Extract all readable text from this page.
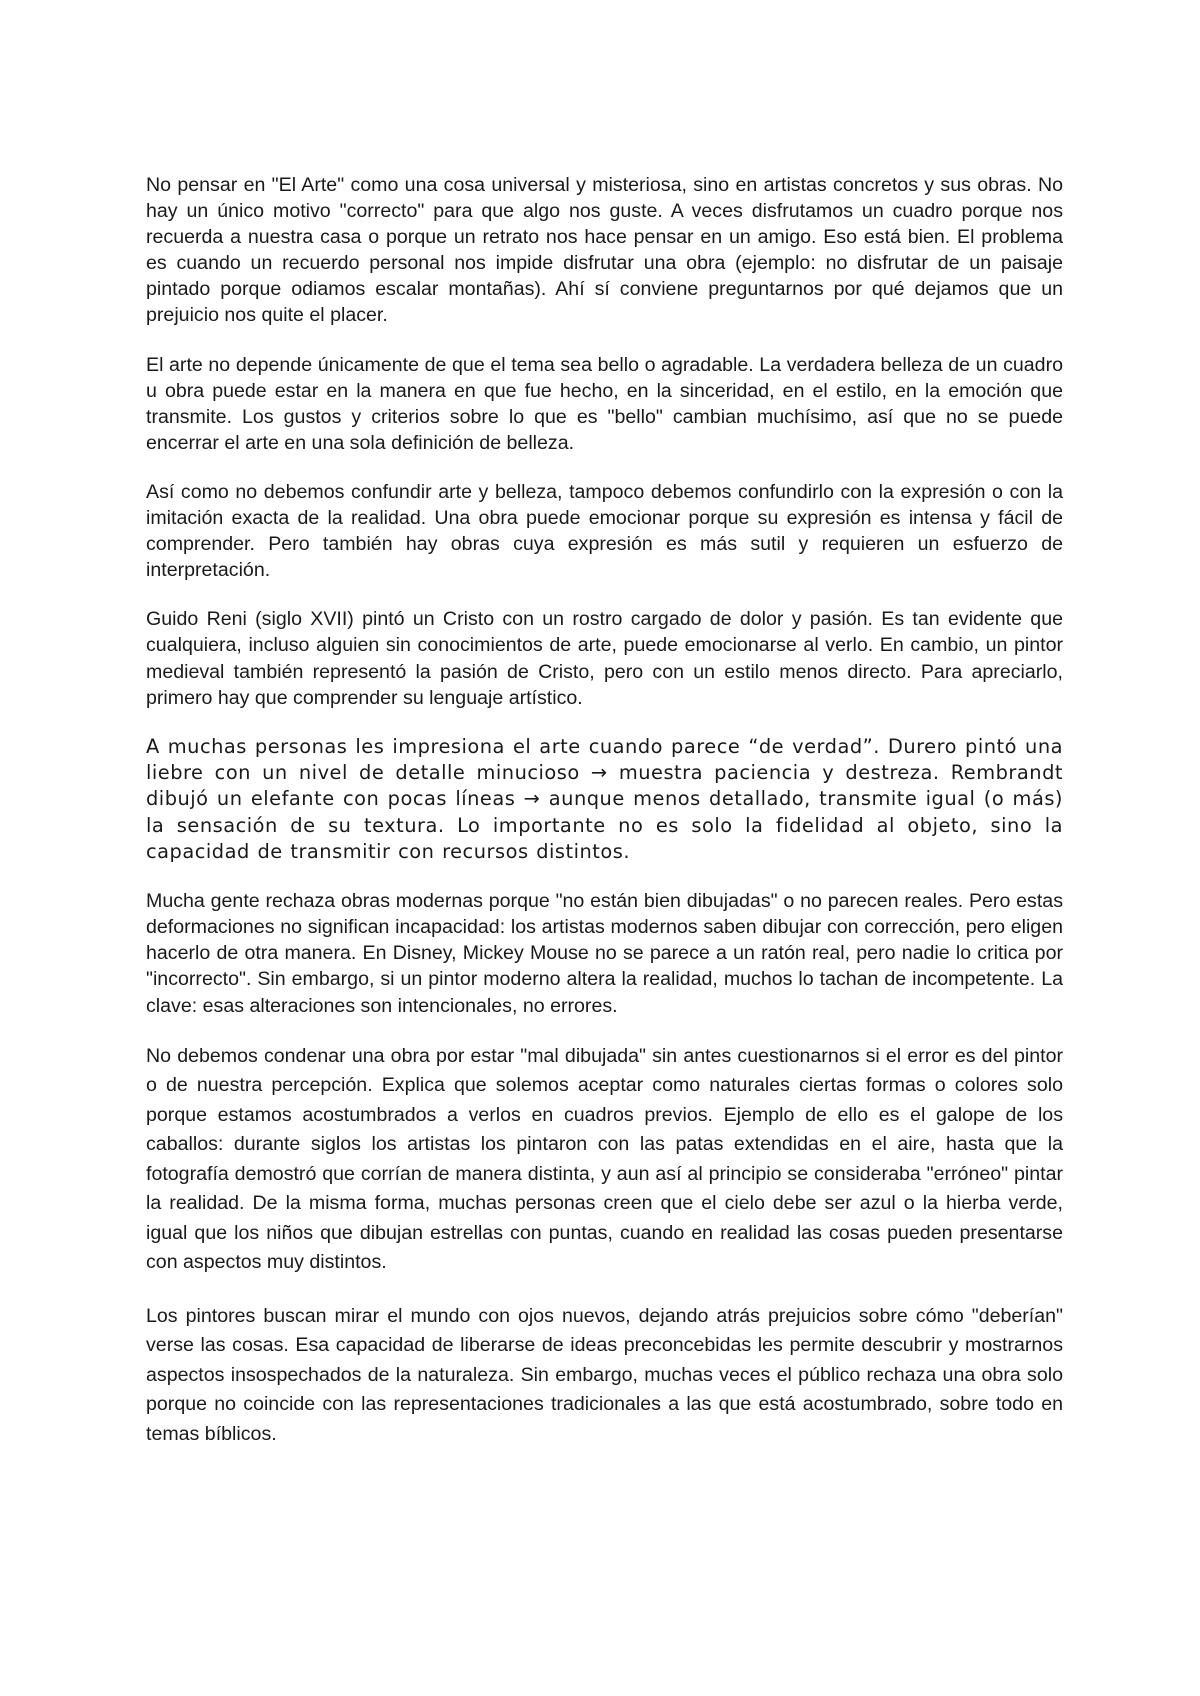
No pensar en "El Arte" como una cosa universal y misteriosa, sino en artistas concretos y sus obras. No hay un único motivo "correcto" para que algo nos guste. A veces disfrutamos un cuadro porque nos recuerda a nuestra casa o porque un retrato nos hace pensar en un amigo. Eso está bien. El problema es cuando un recuerdo personal nos impide disfrutar una obra (ejemplo: no disfrutar de un paisaje pintado porque odiamos escalar montañas). Ahí sí conviene preguntarnos por qué dejamos que un prejuicio nos quite el placer.

El arte no depende únicamente de que el tema sea bello o agradable. La verdadera belleza de un cuadro u obra puede estar en la manera en que fue hecho, en la sinceridad, en el estilo, en la emoción que transmite. Los gustos y criterios sobre lo que es "bello" cambian muchísimo, así que no se puede encerrar el arte en una sola definición de belleza.

Así como no debemos confundir arte y belleza, tampoco debemos confundirlo con la expresión o con la imitación exacta de la realidad. Una obra puede emocionar porque su expresión es intensa y fácil de comprender. Pero también hay obras cuya expresión es más sutil y requieren un esfuerzo de interpretación.

Guido Reni (siglo XVII) pintó un Cristo con un rostro cargado de dolor y pasión. Es tan evidente que cualquiera, incluso alguien sin conocimientos de arte, puede emocionarse al verlo. En cambio, un pintor medieval también representó la pasión de Cristo, pero con un estilo menos directo. Para apreciarlo, primero hay que comprender su lenguaje artístico.

A muchas personas les impresiona el arte cuando parece “de verdad”. Durero pintó una liebre con un nivel de detalle minucioso → muestra paciencia y destreza. Rembrandt dibujó un elefante con pocas líneas → aunque menos detallado, transmite igual (o más) la sensación de su textura. Lo importante no es solo la fidelidad al objeto, sino la capacidad de transmitir con recursos distintos.

Mucha gente rechaza obras modernas porque "no están bien dibujadas" o no parecen reales. Pero estas deformaciones no significan incapacidad: los artistas modernos saben dibujar con corrección, pero eligen hacerlo de otra manera. En Disney, Mickey Mouse no se parece a un ratón real, pero nadie lo critica por "incorrecto". Sin embargo, si un pintor moderno altera la realidad, muchos lo tachan de incompetente. La clave: esas alteraciones son intencionales, no errores.

No debemos condenar una obra por estar "mal dibujada" sin antes cuestionarnos si el error es del pintor o de nuestra percepción. Explica que solemos aceptar como naturales ciertas formas o colores solo porque estamos acostumbrados a verlos en cuadros previos. Ejemplo de ello es el galope de los caballos: durante siglos los artistas los pintaron con las patas extendidas en el aire, hasta que la fotografía demostró que corrían de manera distinta, y aun así al principio se consideraba "erróneo" pintar la realidad. De la misma forma, muchas personas creen que el cielo debe ser azul o la hierba verde, igual que los niños que dibujan estrellas con puntas, cuando en realidad las cosas pueden presentarse con aspectos muy distintos.

Los pintores buscan mirar el mundo con ojos nuevos, dejando atrás prejuicios sobre cómo "deberían" verse las cosas. Esa capacidad de liberarse de ideas preconcebidas les permite descubrir y mostrarnos aspectos insospechados de la naturaleza. Sin embargo, muchas veces el público rechaza una obra solo porque no coincide con las representaciones tradicionales a las que está acostumbrado, sobre todo en temas bíblicos.
